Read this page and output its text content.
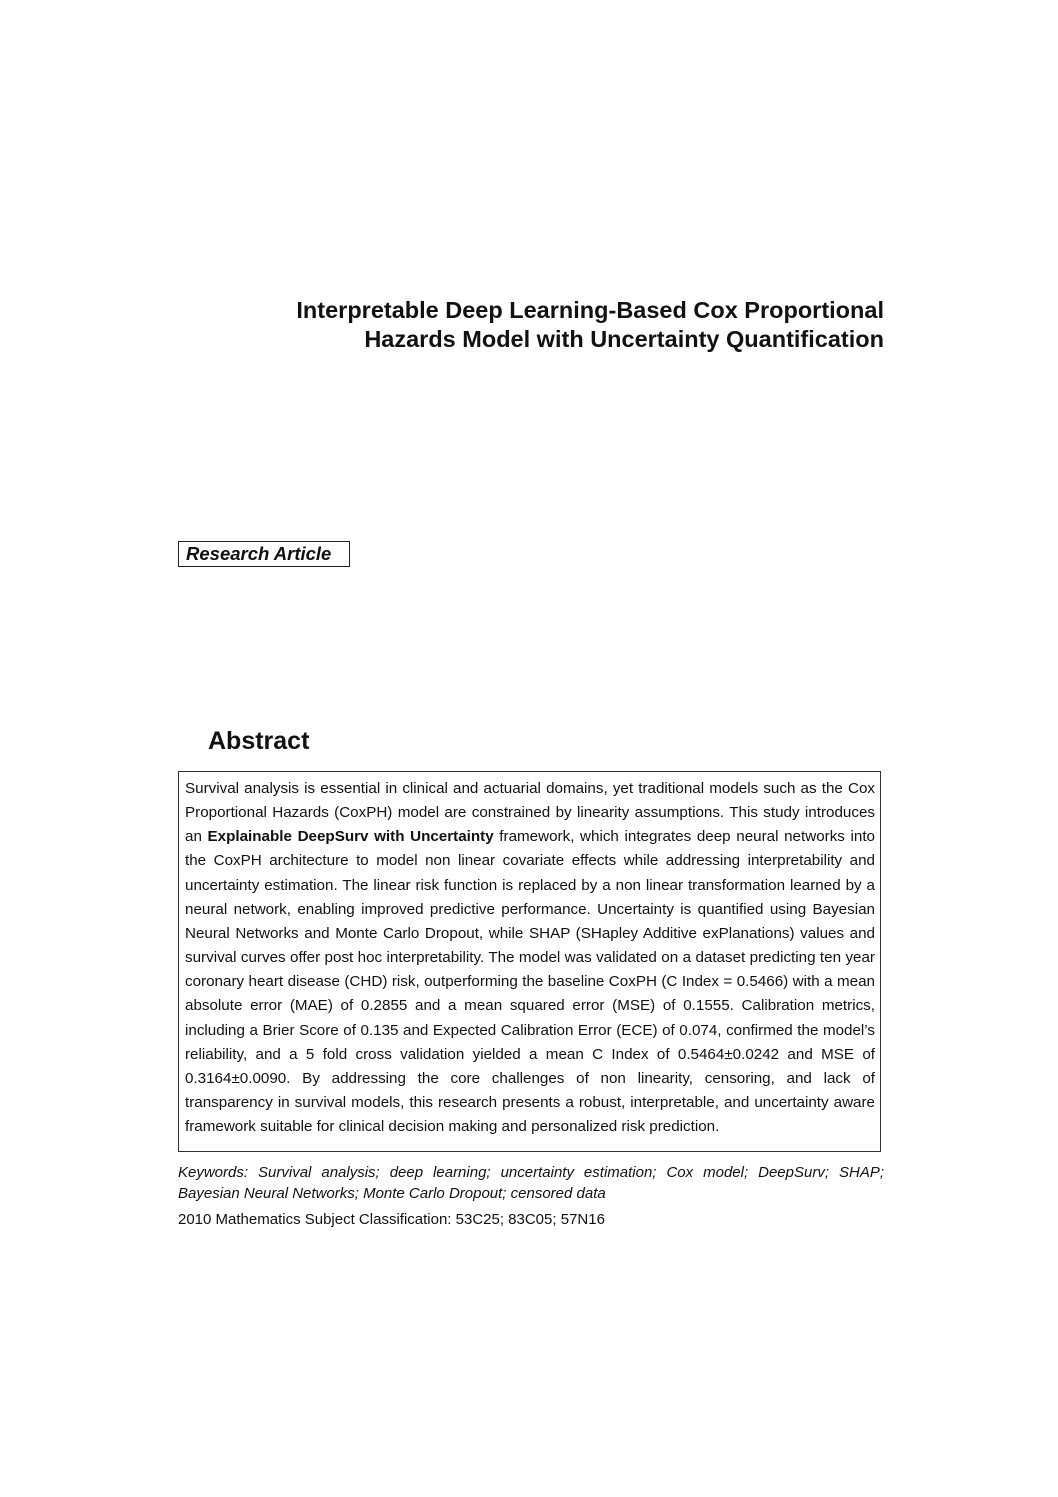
Interpretable Deep Learning-Based Cox Proportional
Hazards Model with Uncertainty Quantification
Research Article
Abstract

Survival analysis is essential in clinical and actuarial domains, yet traditional models such as the Cox Proportional Hazards (CoxPH) model are constrained by linearity assumptions. This study introduces an Explainable DeepSurv with Uncertainty framework, which integrates deep neural networks into the CoxPH architecture to model non linear covariate effects while addressing interpretability and uncertainty estimation. The linear risk function is replaced by a non linear transformation learned by a neural network, enabling improved predictive performance. Uncertainty is quantified using Bayesian Neural Networks and Monte Carlo Dropout, while SHAP (SHapley Additive exPlanations) values and survival curves offer post hoc interpretability. The model was validated on a dataset predicting ten year coronary heart disease (CHD) risk, outperforming the baseline CoxPH (C Index = 0.5466) with a mean absolute error (MAE) of 0.2855 and a mean squared error (MSE) of 0.1555. Calibration metrics, including a Brier Score of 0.135 and Expected Calibration Error (ECE) of 0.074, confirmed the model’s reliability, and a 5 fold cross validation yielded a mean C Index of 0.5464±0.0242 and MSE of 0.3164±0.0090. By addressing the core challenges of non linearity, censoring, and lack of transparency in survival models, this research presents a robust, interpretable, and uncertainty aware framework suitable for clinical decision making and personalized risk prediction.

Keywords: Survival analysis; deep learning; uncertainty estimation; Cox model; DeepSurv; SHAP; Bayesian Neural Networks; Monte Carlo Dropout; censored data

2010 Mathematics Subject Classification: 53C25; 83C05; 57N16
